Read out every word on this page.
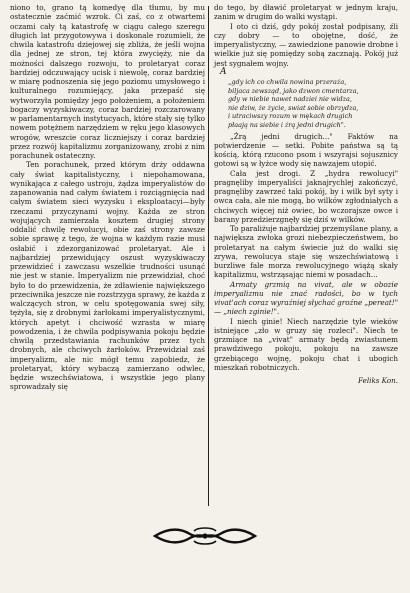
niono to, grano tą komedyę dla tłumu, by mu ostatecznie zaćmić wzrok. Ci zaś, co z otwartemi oczami cały tą katastrofę w ciągu całego szeregu długich lat przygotowywa i doskonale rozumieli, że chwila katastrofu dziejowej się zbliża, że jeśli wojna dla jednej ze stron, tej która zwycięży, nie da możności dalszego rozwoju, to proletaryat coraz bardziej odczuwający ucisk i niewolę, coraz bardziej w miarę podnoszenia się jego poziomu umysłowego i kulturalnego rozumiejący, jaka przepaść się wytworzyła pomiędzy jego położeniem, a położeniem bogaczy wyzyskiwaczy, coraz bardziej rozczarowany w parlamentarnych instytucyach, które stały się tylko nowem potężnem narzędziem w ręku jego klasowych wrogów, wreszcie coraz liczniejszy i coraz bardziej przez rozwój kapitalizmu zorganizowany, zrobi z nim porachunek ostateczny.

Ten porachunek, przed którym drży oddawna cały świat kapitalistyczny, i niepohamowana, wynikająca z całego ustroju, żądza imperyalistów do zapanowania nad całym światem i rozciągnięcia nad całym światem sieci wyzysku i eksploatacyi—były rzeczami przyczynami wojny. Każda ze stron wojujących zamierzała kosztem drugiej strony oddalić chwilę rewolucyi, obie zaś strony zawsze sobie sprawę z tego, że wojna w każdym razie musi osłabić i zdezorganizować proletaryat. Ale i najbardziej przewidujący oszust wyzyskiwaczy przewidzieć i zawczasu wszelkie trudności usunąć nie jest w stanie. Imperyalizm nie przewidział, choć było to do przewidzenia, że zdławienie największego przeciwnika jeszcze nie rozstrzyga sprawy, że każda z walczących stron, w celu spotęgowania swej siły, tężyła, się z drobnymi żarłokami imperyalistycznymi, których apetyt i chciwość wzrasta w miarę powodzenia, i że chwila podpisywania pokoju będzie chwilą przedstawiania rachunków przez tych drobnych, ale chciwych żarłoków. Przewidział zaś imperyalizm, ale nic mógł temu zapobiedz, że proletaryat, który wybaczą zamierzano odwlec, będzie wszechświatowa, i wszystkie jego plany sprowadzały się

do tego, by dławić proletaryat w jednym kraju, zanim w drugim do walki wystąpi.

I oto ci dziś, gdy pokój został podpisany, źli czy dobry — to obojętne, dość, że imperyalistyczny, — zawiedzione panowie drobne i wielkie już się pomiędzy sobą zacznają. Pokój już jest sygnałem wojny.

A
„gdy ich co chwila nowina przeraża,
biljaca zewsząd, jako dzwon cmentarza,
gdy w niebie nawet nadziei nie widza,
nie dziw, że życie, swiat sobie obrzydza,
i utraciwszy rozum w mękach drugich
płaają na siebie i żrą jedni drugich".

„Żrą jedni drugich..." Faktów na potwierdzenie — setki. Pobite państwa są tą kością, którą rzucono psom i wszyrajsi sojusznicy gotowi są w łyżce wody się nawzajem utopić.

Cała jest drogi. Z „hydra rewolucyi" pragnęliby imperyaliści jaknajrychlej zakończyć, pragnęliby zawrzeć taki pokój, by i wilk był syty i owca cała, ale nie mogą, bo wilków zgłodniałych a chciwych więcej niż owiec, bo wczorajsze owce i barany przedzierzgnęły się dziś w wilków.

To paraliżuje najbardziej przemyślane plany, a największa zwłoka grozi niebezpieczeństwem, bo proletaryat na całym świecie już do walki się zrywa, rewolucya staje się wszechświatową i burzliwe fale morza rewolucyjnego wiążą skały kapitalizmu, wstrząsając niemi w posadach...

Armaty grzmią na vivat, ale w obozie imperyalizmu nie znać radości, bo w tych vivat'ach coraz wyraźniej słychać groźne „pereat!" — „niech zginie!".

I niech ginie! Niech narzędzie tyle wieków istniejące „zło w gruzy się rozleci". Niech te grzmiące na „vivat" armaty będą zwiastunem prawdziwego pokoju, pokoju na zawsze grzebiącego wojnę, pokoju chat i ubogich mieszkań robotniczych.

Feliks Kon.
